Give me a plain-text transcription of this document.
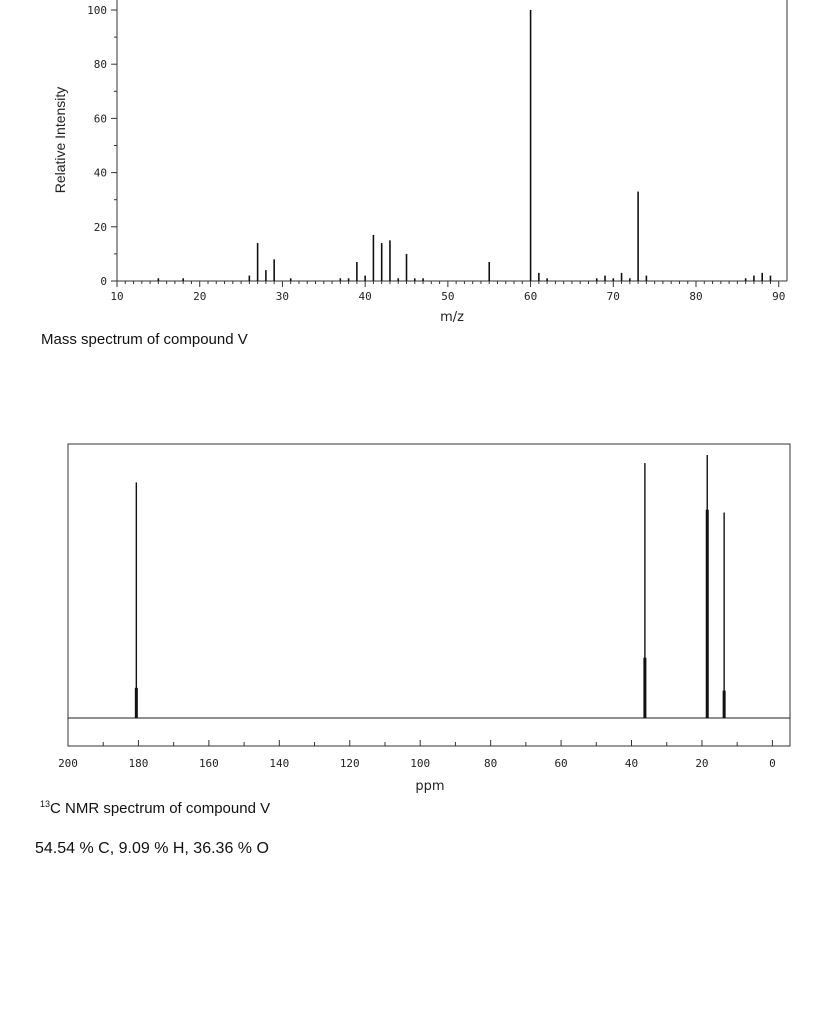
10	20	30	40	50	60	70	80	90
0
20
40
60
80
100
m/z
Relative Intensity
Mass spectrum of compound V
200	180	160	140	120	100	80	60	40	20	0
ppm
$^{13}$C NMR spectrum of compound V
54.54 % C, 9.09 % H, 36.36 % O
